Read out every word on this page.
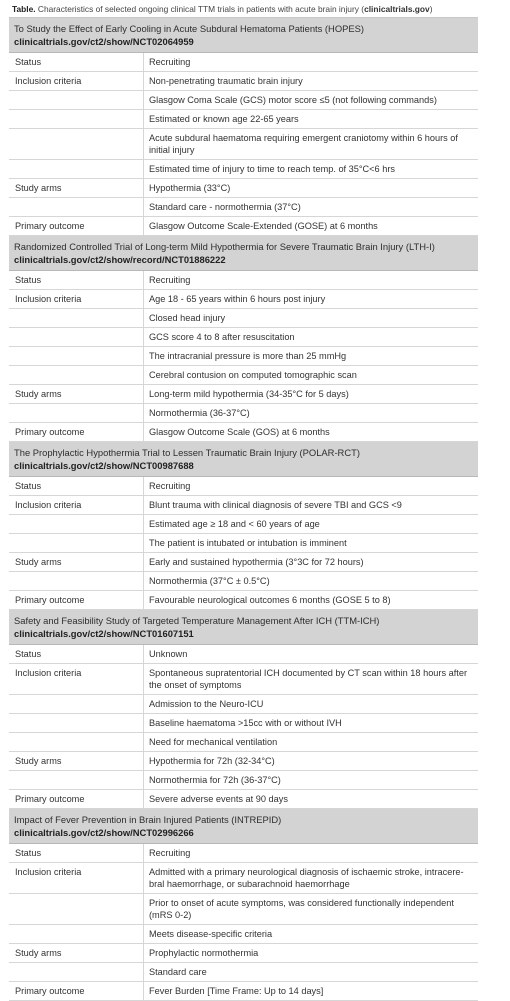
Table. Characteristics of selected ongoing clinical TTM trials in patients with acute brain injury (clinicaltrials.gov)
To Study the Effect of Early Cooling in Acute Subdural Hematoma Patients (HOPES)
clinicaltrials.gov/ct2/show/NCT02064959
Status	Recruiting
Inclusion criteria	Non-penetrating traumatic brain injury
Glasgow Coma Scale (GCS) motor score ≤5 (not following commands)
Estimated or known age 22-65 years
Acute subdural haematoma requiring emergent craniotomy within 6 hours of initial injury
Estimated time of injury to time to reach temp. of 35°C<6 hrs
Study arms	Hypothermia (33°C)
Standard care - normothermia (37°C)
Primary outcome	Glasgow Outcome Scale-Extended (GOSE) at 6 months
Randomized Controlled Trial of Long-term Mild Hypothermia for Severe Traumatic Brain Injury (LTH-I)
clinicaltrials.gov/ct2/show/record/NCT01886222
Status	Recruiting
Inclusion criteria	Age 18 - 65 years within 6 hours post injury
Closed head injury
GCS score 4 to 8 after resuscitation
The intracranial pressure is more than 25 mmHg
Cerebral contusion on computed tomographic scan
Study arms	Long-term mild hypothermia (34-35°C for 5 days)
Normothermia (36-37°C)
Primary outcome	Glasgow Outcome Scale (GOS) at 6 months
The Prophylactic Hypothermia Trial to Lessen Traumatic Brain Injury (POLAR-RCT)
clinicaltrials.gov/ct2/show/NCT00987688
Status	Recruiting
Inclusion criteria	Blunt trauma with clinical diagnosis of severe TBI and GCS <9
Estimated age ≥ 18 and < 60 years of age
The patient is intubated or intubation is imminent
Study arms	Early and sustained hypothermia (3°3C for 72 hours)
Normothermia (37°C ± 0.5°C)
Primary outcome	Favourable neurological outcomes 6 months (GOSE 5 to 8)
Safety and Feasibility Study of Targeted Temperature Management After ICH (TTM-ICH)
clinicaltrials.gov/ct2/show/NCT01607151
Status	Unknown
Inclusion criteria	Spontaneous supratentorial ICH documented by CT scan within 18 hours after the onset of symptoms
Admission to the Neuro-ICU
Baseline haematoma >15cc with or without IVH
Need for mechanical ventilation
Study arms	Hypothermia for 72h (32-34°C)
Normothermia for 72h (36-37°C)
Primary outcome	Severe adverse events at 90 days
Impact of Fever Prevention in Brain Injured Patients (INTREPID)
clinicaltrials.gov/ct2/show/NCT02996266
Status	Recruiting
Inclusion criteria	Admitted with a primary neurological diagnosis of ischaemic stroke, intracere-bral haemorrhage, or subarachnoid haemorrhage
Prior to onset of acute symptoms, was considered functionally independent (mRS 0-2)
Meets disease-specific criteria
Study arms	Prophylactic normothermia
Standard care
Primary outcome	Fever Burden [Time Frame: Up to 14 days]
